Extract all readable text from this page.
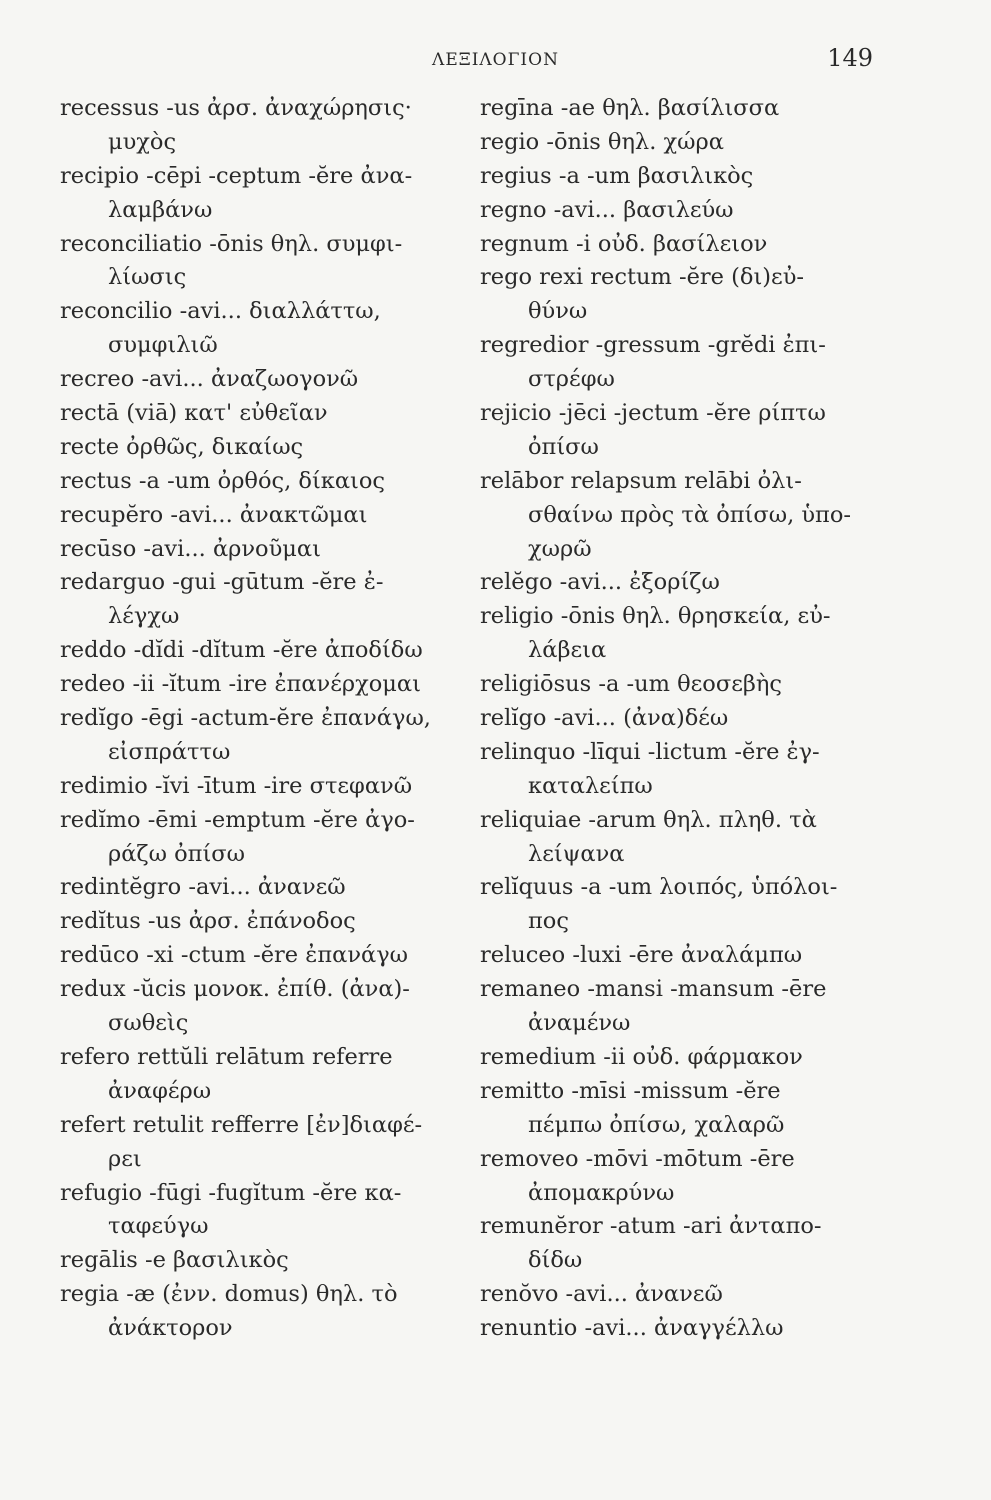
ΛΕΞΙΛΟΓΙΟΝ	149
recessus -us ἀρσ. ἀναχώρησις·
μυχὸς
recipio -cēpi -ceptum -ĕre ἀνα-
λαμβάνω
reconciliatio -ōnis θηλ. συμφι-
λίωσις
reconcilio -avi... διαλλάττω,
συμφιλιῶ
recreo -avi... ἀναζωογονῶ
rectā (viā) κατ' εὐθεῖαν
recte ὀρθῶς, δικαίως
rectus -a -um ὀρθός, δίκαιος
recupĕro -avi... ἀνακτῶμαι
recūso -avi... ἀρνοῦμαι
redarguo -gui -gūtum -ĕre ἐ-
λέγχω
reddo -dĭdi -dĭtum -ĕre ἀποδίδω
redeo -ii -ĭtum -ire ἐπανέρχομαι
redĭgo -ēgi -actum-ĕre ἐπανάγω,
εἰσπράττω
redimio -ĭvi -ītum -ire στεφανῶ
redĭmo -ēmi -emptum -ĕre ἀγο-
ράζω ὀπίσω
redintĕgro -avi... ἀνανεῶ
redĭtus -us ἀρσ. ἐπάνοδος
redūco -xi -ctum -ĕre ἐπανάγω
redux -ŭcis μονοκ. ἐπίθ. (ἀνα)-
σωθεὶς
refero rettŭli relātum referre
ἀναφέρω
refert retulit refferre [ἐν]διαφέ-
ρει
refugio -fūgi -fugĭtum -ĕre κα-
ταφεύγω
regālis -e βασιλικὸς
regia -æ (ἐνν. domus) θηλ. τὸ
ἀνάκτορον
regīna -ae θηλ. βασίλισσα
regio -ōnis θηλ. χώρα
regius -a -um βασιλικὸς
regno -avi... βασιλεύω
regnum -i οὐδ. βασίλειον
rego rexi rectum -ĕre (δι)εὐ-
θύνω
regredior -gressum -grĕdi ἐπι-
στρέφω
rejicio -jēci -jectum -ĕre ρίπτω
ὀπίσω
relābor relapsum relābi ὀλι-
σθαίνω πρὸς τὰ ὀπίσω, ὑπο-
χωρῶ
relĕgo -avi... ἐξορίζω
religio -ōnis θηλ. θρησκεία, εὐ-
λάβεια
religiōsus -a -um θεοσεβὴς
relĭgo -avi... (ἀνα)δέω
relinquo -līqui -lictum -ĕre ἐγ-
καταλείπω
reliquiae -arum θηλ. πληθ. τὰ
λείψανα
relĭquus -a -um λοιπός, ὑπόλοι-
πος
reluceo -luxi -ēre ἀναλάμπω
remaneo -mansi -mansum -ēre
ἀναμένω
remedium -ii οὐδ. φάρμακον
remitto -mīsi -missum -ĕre
πέμπω ὀπίσω, χαλαρῶ
removeo -mōvi -mōtum -ēre
ἀπομακρύνω
remunĕror -atum -ari ἀνταπο-
δίδω
renŏvo -avi... ἀνανεῶ
renuntio -avi... ἀναγγέλλω
